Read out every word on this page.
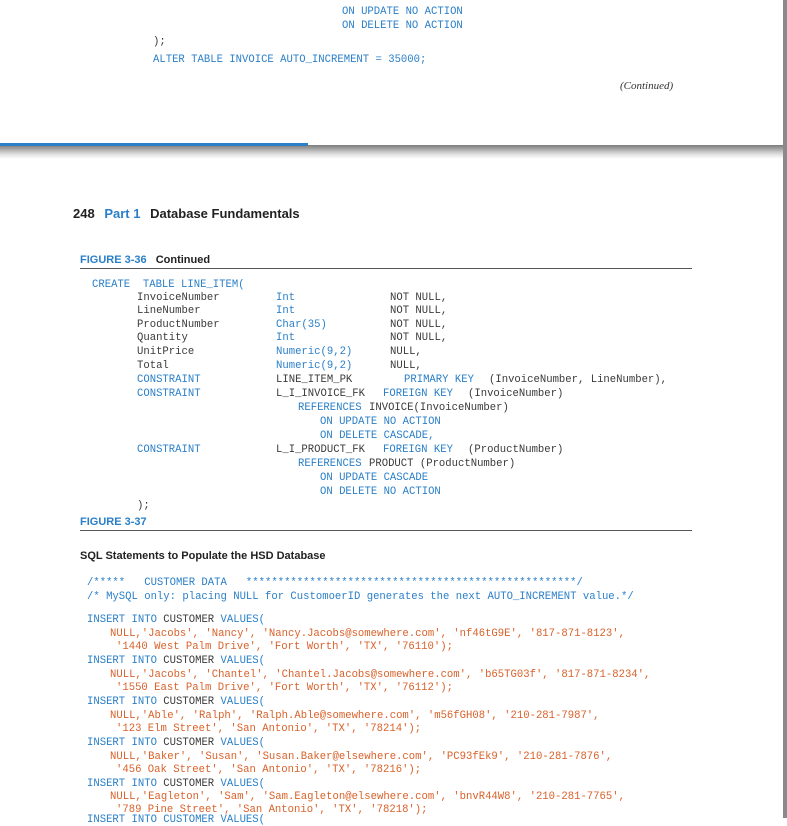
ON UPDATE NO ACTION
ON DELETE NO ACTION
);
ALTER TABLE INVOICE AUTO_INCREMENT = 35000;
(Continued)
248 Part 1 Database Fundamentals
FIGURE 3-36 Continued
CREATE  TABLE LINE_ITEM(
InvoiceNumber	Int	NOT NULL,
LineNumber	Int	NOT NULL,
ProductNumber	Char(35)	NOT NULL,
Quantity	Int	NOT NULL,
UnitPrice	Numeric(9,2)	NULL,
Total	Numeric(9,2)	NULL,
CONSTRAINT	LINE_ITEM_PK	PRIMARY KEY (InvoiceNumber, LineNumber),
CONSTRAINT	L_I_INVOICE_FK FOREIGN KEY (InvoiceNumber)
REFERENCES INVOICE(InvoiceNumber)
ON UPDATE NO ACTION
ON DELETE CASCADE,
CONSTRAINT	L_I_PRODUCT_FK FOREIGN KEY (ProductNumber)
REFERENCES PRODUCT (ProductNumber)
ON UPDATE CASCADE
ON DELETE NO ACTION
);
FIGURE 3-37
SQL Statements to Populate the HSD Database
/*****   CUSTOMER DATA   ****************************************************/
/* MySQL only: placing NULL for CustomoerID generates the next AUTO_INCREMENT value.*/
INSERT INTO CUSTOMER VALUES(
NULL,'Jacobs', 'Nancy', 'Nancy.Jacobs@somewhere.com', 'nf46tG9E', '817-871-8123',
'1440 West Palm Drive', 'Fort Worth', 'TX', '76110');
INSERT INTO CUSTOMER VALUES(
NULL,'Jacobs', 'Chantel', 'Chantel.Jacobs@somewhere.com', 'b65TG03f', '817-871-8234',
'1550 East Palm Drive', 'Fort Worth', 'TX', '76112');
INSERT INTO CUSTOMER VALUES(
NULL,'Able', 'Ralph', 'Ralph.Able@somewhere.com', 'm56fGH08', '210-281-7987',
'123 Elm Street', 'San Antonio', 'TX', '78214');
INSERT INTO CUSTOMER VALUES(
NULL,'Baker', 'Susan', 'Susan.Baker@elsewhere.com', 'PC93fEk9', '210-281-7876',
'456 Oak Street', 'San Antonio', 'TX', '78216');
INSERT INTO CUSTOMER VALUES(
NULL,'Eagleton', 'Sam', 'Sam.Eagleton@elsewhere.com', 'bnvR44W8', '210-281-7765',
'789 Pine Street', 'San Antonio', 'TX', '78218');
INSERT INTO CUSTOMER VALUES(
